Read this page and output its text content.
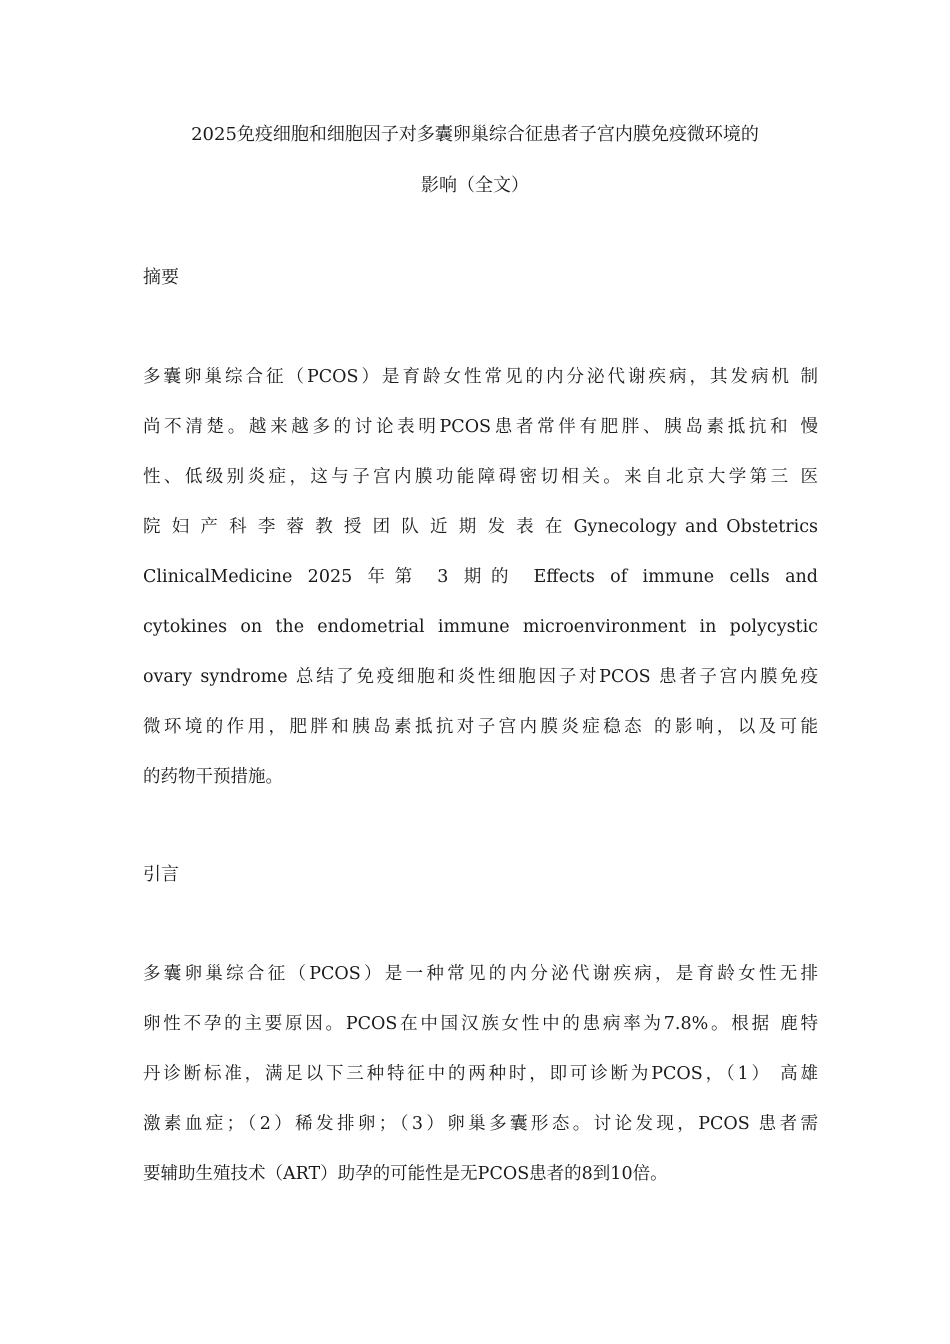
2025免疫细胞和细胞因子对多囊卵巢综合征患者子宫内膜免疫微环境的
影响（全文）
摘要
多囊卵巢综合征（PCOS）是育龄女性常见的内分泌代谢疾病，其发病机 制
尚不清楚。越来越多的讨论表明PCOS患者常伴有肥胖、胰岛素抵抗和 慢
性、低级别炎症，这与子宫内膜功能障碍密切相关。来自北京大学第三 医
院 妇 产 科 李 蓉 教 授 团 队 近 期 发 表 在 Gynecology and Obstetrics
ClinicalMedicine 2025 年第 3 期的 Effects of immune cells and
cytokines on the endometrial immune microenvironment in polycystic
ovary syndrome 总结了免疫细胞和炎性细胞因子对PCOS 患者子宫内膜免疫
微环境的作用，肥胖和胰岛素抵抗对子宫内膜炎症稳态 的影响，以及可能
的药物干预措施。
引言
多囊卵巢综合征（PCOS）是一种常见的内分泌代谢疾病，是育龄女性无排
卵性不孕的主要原因。PCOS在中国汉族女性中的患病率为7.8%。根据 鹿特
丹诊断标准，满足以下三种特征中的两种时，即可诊断为PCOS，（1） 高雄
激素血症；（2）稀发排卵；（3）卵巢多囊形态。讨论发现，PCOS 患者需
要辅助生殖技术（ART）助孕的可能性是无PCOS患者的8到10倍。
